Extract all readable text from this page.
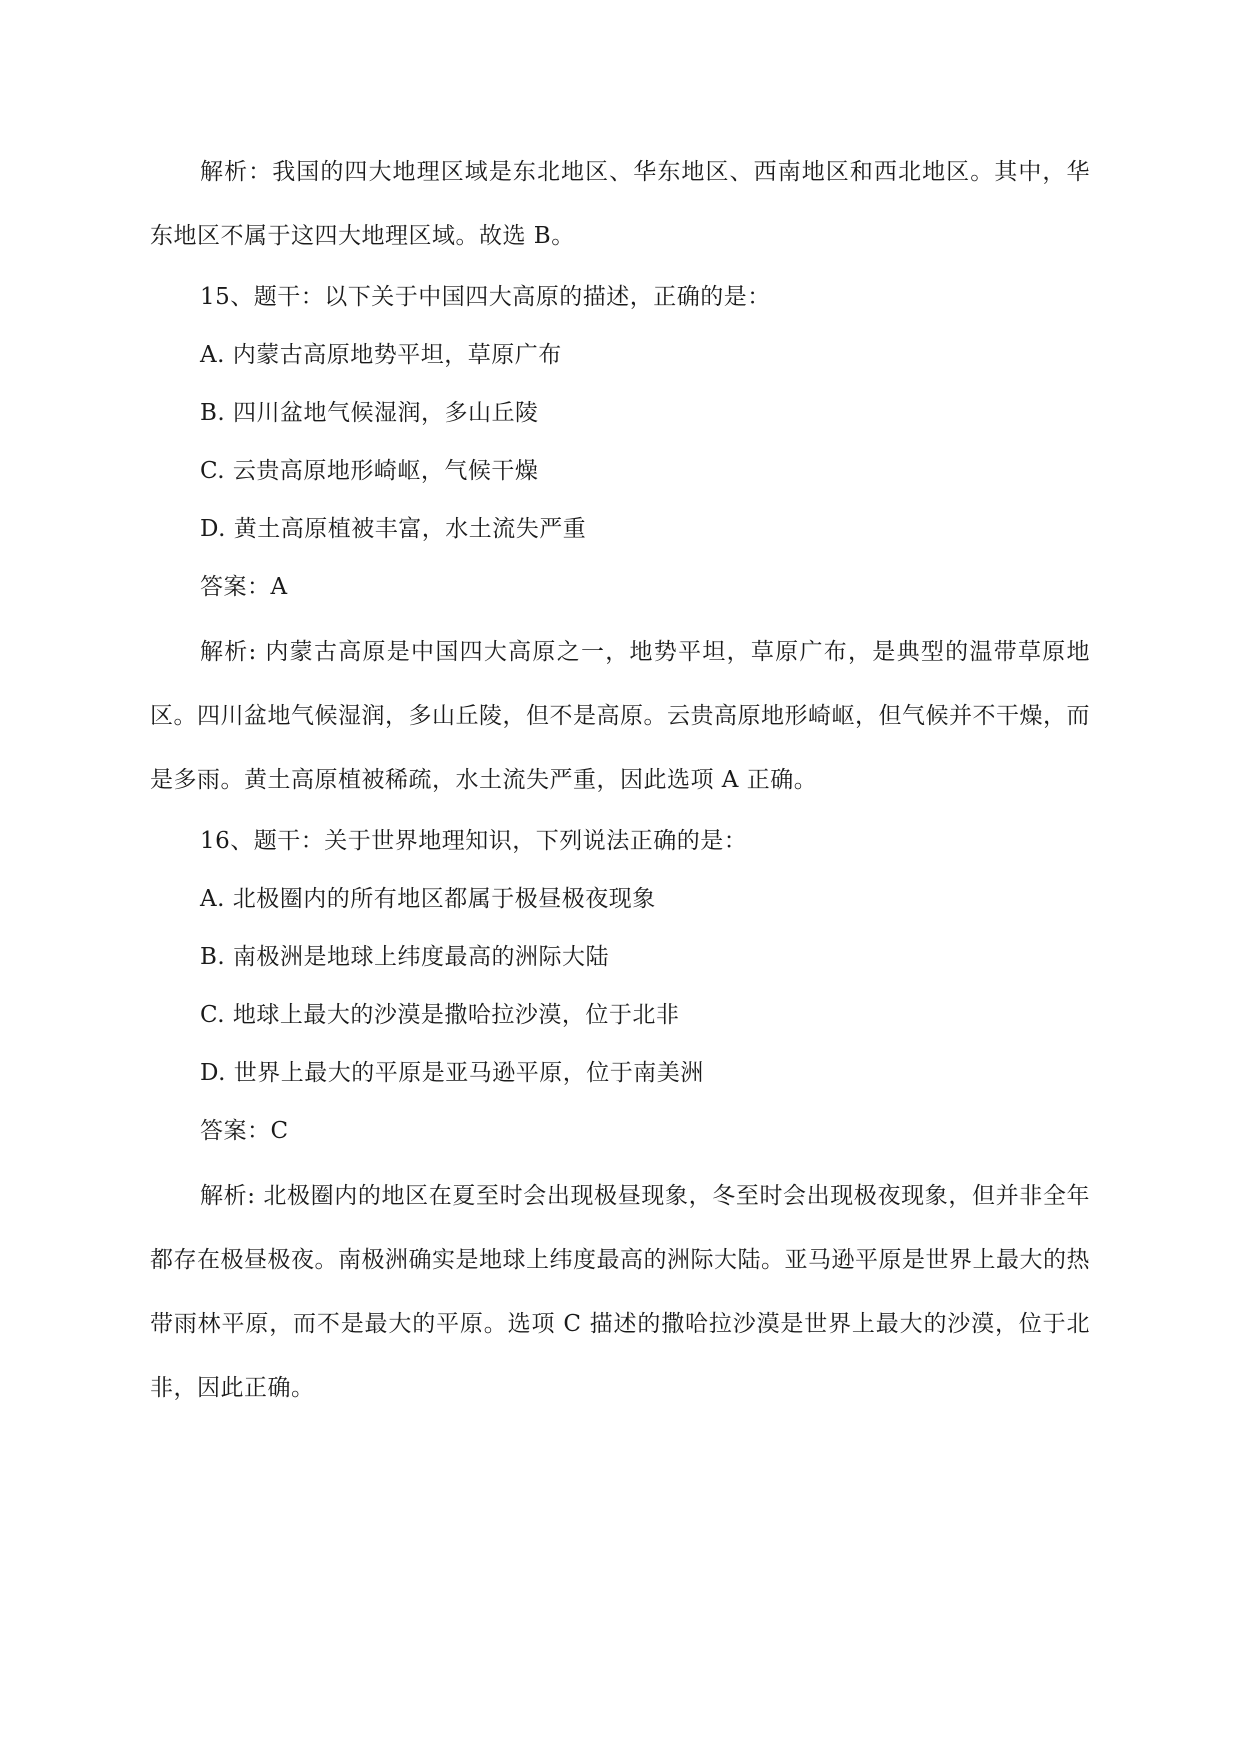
解析：我国的四大地理区域是东北地区、华东地区、西南地区和西北地区。其中，华东地区不属于这四大地理区域。故选 B。

15、题干：以下关于中国四大高原的描述，正确的是：
A. 内蒙古高原地势平坦，草原广布
B. 四川盆地气候湿润，多山丘陵
C. 云贵高原地形崎岖，气候干燥
D. 黄土高原植被丰富，水土流失严重
答案：A

解析: 内蒙古高原是中国四大高原之一，地势平坦，草原广布，是典型的温带草原地区。四川盆地气候湿润，多山丘陵，但不是高原。云贵高原地形崎岖，但气候并不干燥，而是多雨。黄土高原植被稀疏，水土流失严重，因此选项 A 正确。

16、题干：关于世界地理知识，下列说法正确的是：
A. 北极圈内的所有地区都属于极昼极夜现象
B. 南极洲是地球上纬度最高的洲际大陆
C. 地球上最大的沙漠是撒哈拉沙漠，位于北非
D. 世界上最大的平原是亚马逊平原，位于南美洲
答案：C

解析: 北极圈内的地区在夏至时会出现极昼现象，冬至时会出现极夜现象，但并非全年都存在极昼极夜。南极洲确实是地球上纬度最高的洲际大陆。亚马逊平原是世界上最大的热带雨林平原，而不是最大的平原。选项 C 描述的撒哈拉沙漠是世界上最大的沙漠，位于北非，因此正确。
